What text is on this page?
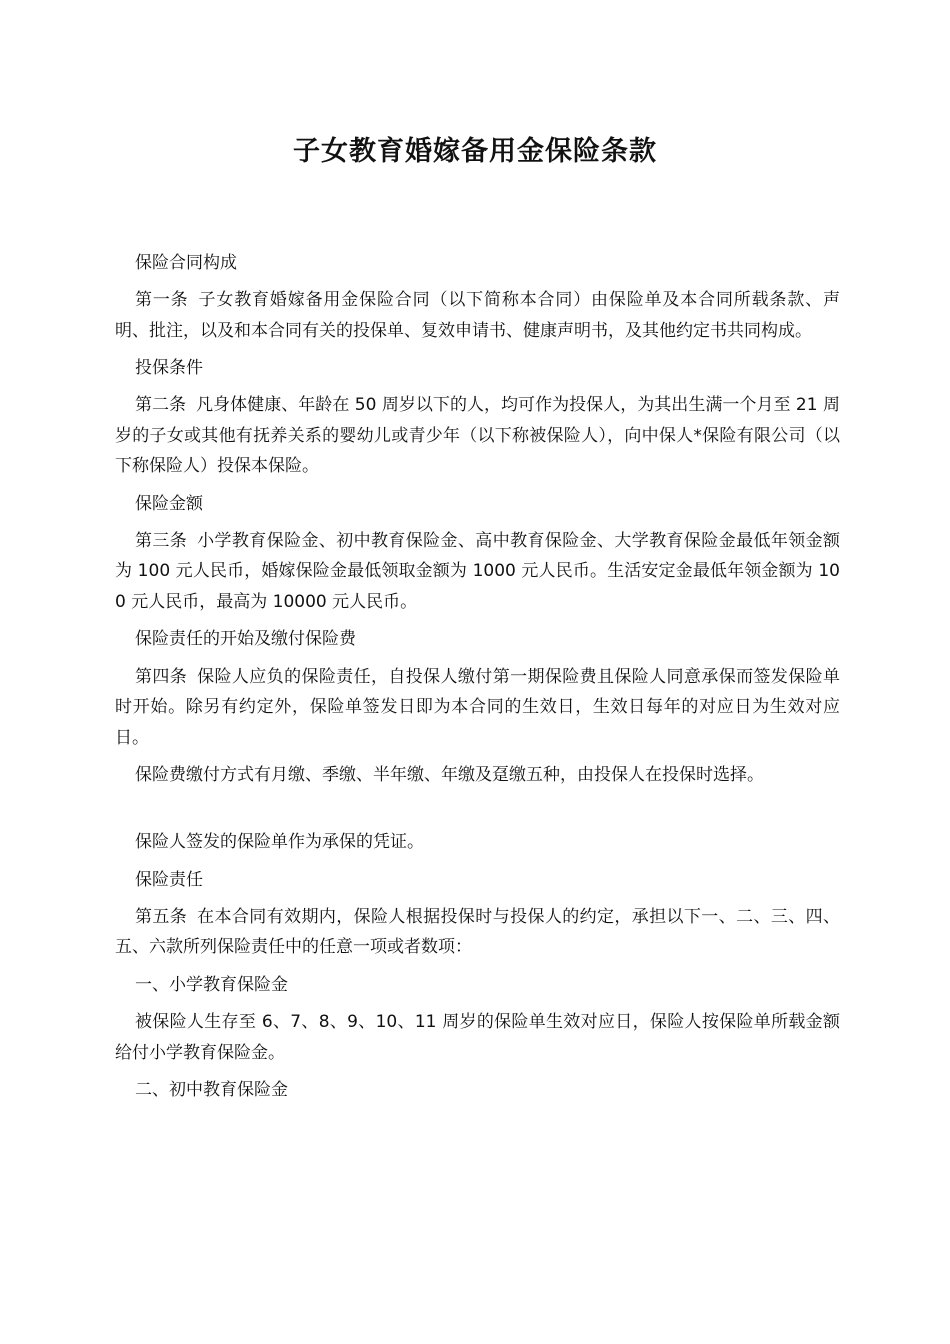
子女教育婚嫁备用金保险条款

保险合同构成

第一条 子女教育婚嫁备用金保险合同（以下简称本合同）由保险单及本合同所载条款、声明、批注，以及和本合同有关的投保单、复效申请书、健康声明书，及其他约定书共同构成。

投保条件

第二条 凡身体健康、年龄在 50 周岁以下的人，均可作为投保人，为其出生满一个月至 21 周岁的子女或其他有抚养关系的婴幼儿或青少年（以下称被保险人），向中保人*保险有限公司（以下称保险人）投保本保险。

保险金额

第三条 小学教育保险金、初中教育保险金、高中教育保险金、大学教育保险金最低年领金额为 100 元人民币，婚嫁保险金最低领取金额为 1000 元人民币。生活安定金最低年领金额为 100 元人民币，最高为 10000 元人民币。

保险责任的开始及缴付保险费

第四条 保险人应负的保险责任，自投保人缴付第一期保险费且保险人同意承保而签发保险单时开始。除另有约定外，保险单签发日即为本合同的生效日，生效日每年的对应日为生效对应日。

保险费缴付方式有月缴、季缴、半年缴、年缴及趸缴五种，由投保人在投保时选择。

保险人签发的保险单作为承保的凭证。

保险责任

第五条 在本合同有效期内，保险人根据投保时与投保人的约定，承担以下一、二、三、四、五、六款所列保险责任中的任意一项或者数项：

一、小学教育保险金

被保险人生存至 6、7、8、9、10、11 周岁的保险单生效对应日，保险人按保险单所载金额给付小学教育保险金。

二、初中教育保险金
